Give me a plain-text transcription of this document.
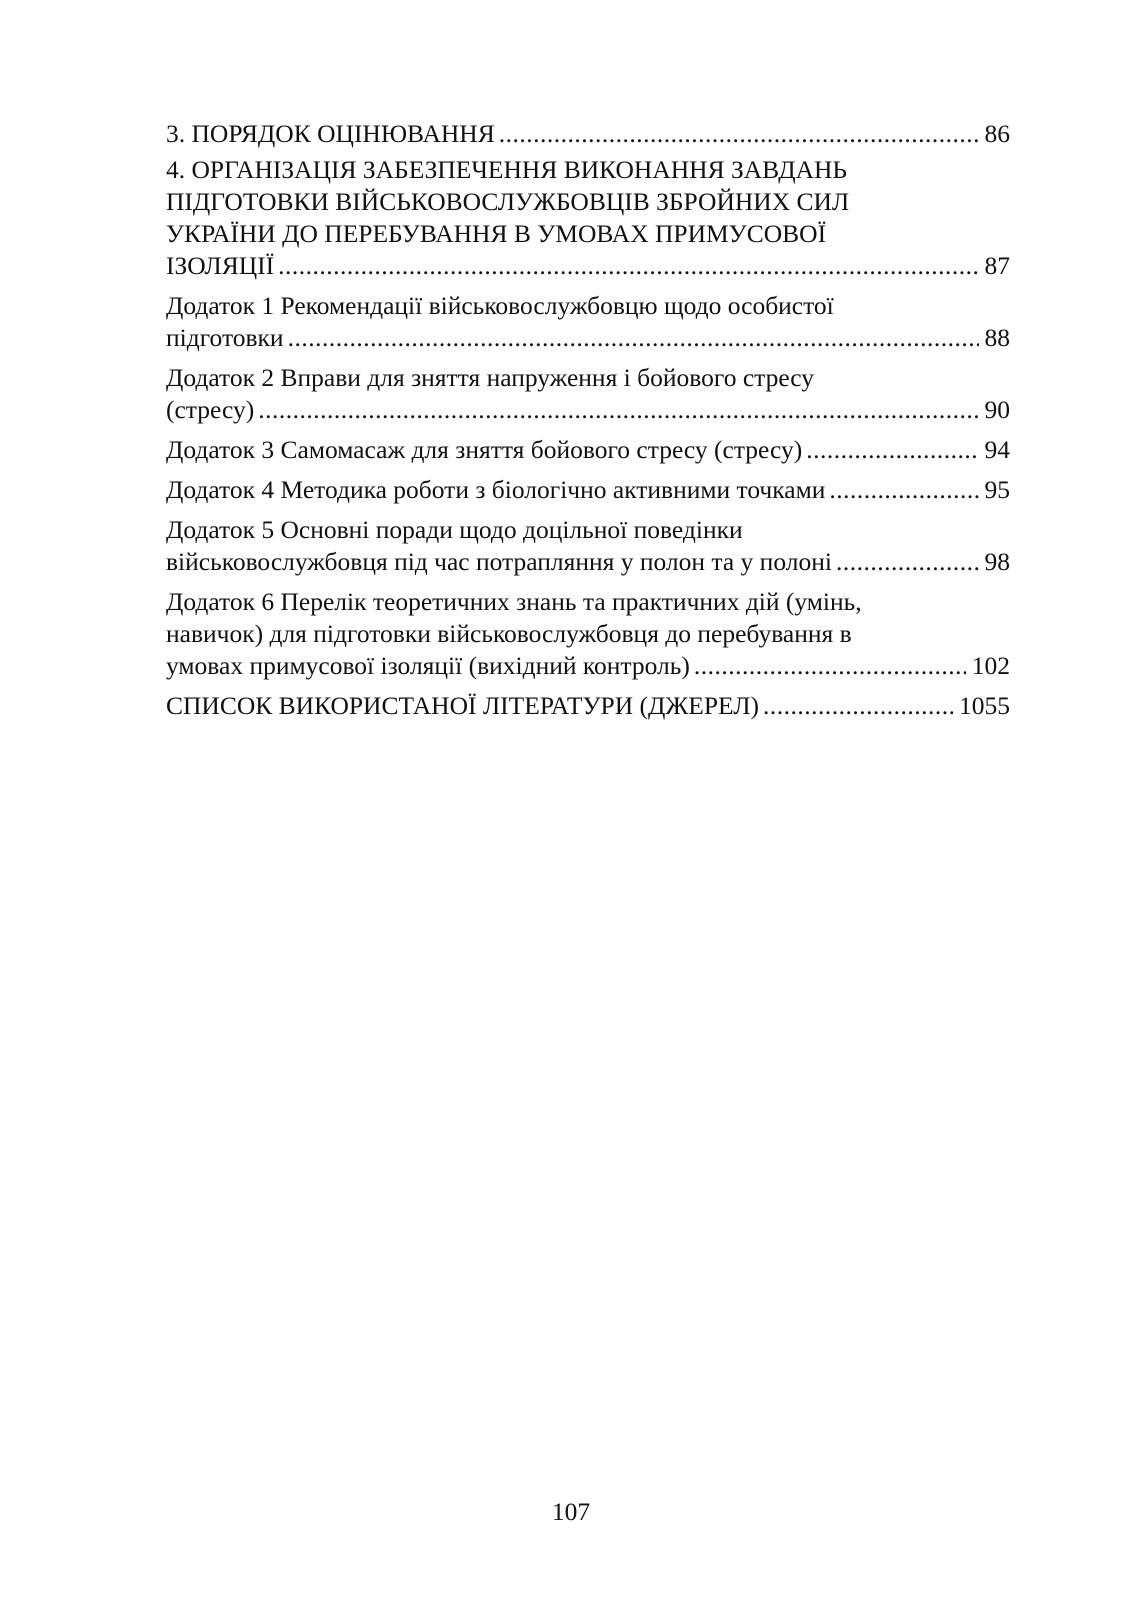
3. ПОРЯДОК ОЦІНЮВАННЯ .....	86
4. ОРГАНІЗАЦІЯ ЗАБЕЗПЕЧЕННЯ ВИКОНАННЯ ЗАВДАНЬ
ПІДГОТОВКИ ВІЙСЬКОВОСЛУЖБОВЦІВ ЗБРОЙНИХ СИЛ
УКРАЇНИ ДО ПЕРЕБУВАННЯ В УМОВАХ ПРИМУСОВОЇ
ІЗОЛЯЦІЇ .....	87
Додаток 1 Рекомендації військовослужбовцю щодо особистої
підготовки .....	88
Додаток 2 Вправи для зняття напруження і бойового стресу
(стресу) .....	90
Додаток 3 Самомасаж для зняття бойового стресу (стресу) .....	94
Додаток 4 Методика роботи з біологічно активними точками .....	95
Додаток 5 Основні поради щодо доцільної поведінки
військовослужбовця під час потрапляння у полон та у полоні .....	98
Додаток 6 Перелік теоретичних знань та практичних дій (умінь,
навичок) для підготовки військовослужбовця до перебування в
умовах примусової ізоляції (вихідний контроль) .....	102
СПИСОК ВИКОРИСТАНОЇ ЛІТЕРАТУРИ (ДЖЕРЕЛ) .....	1055
107
